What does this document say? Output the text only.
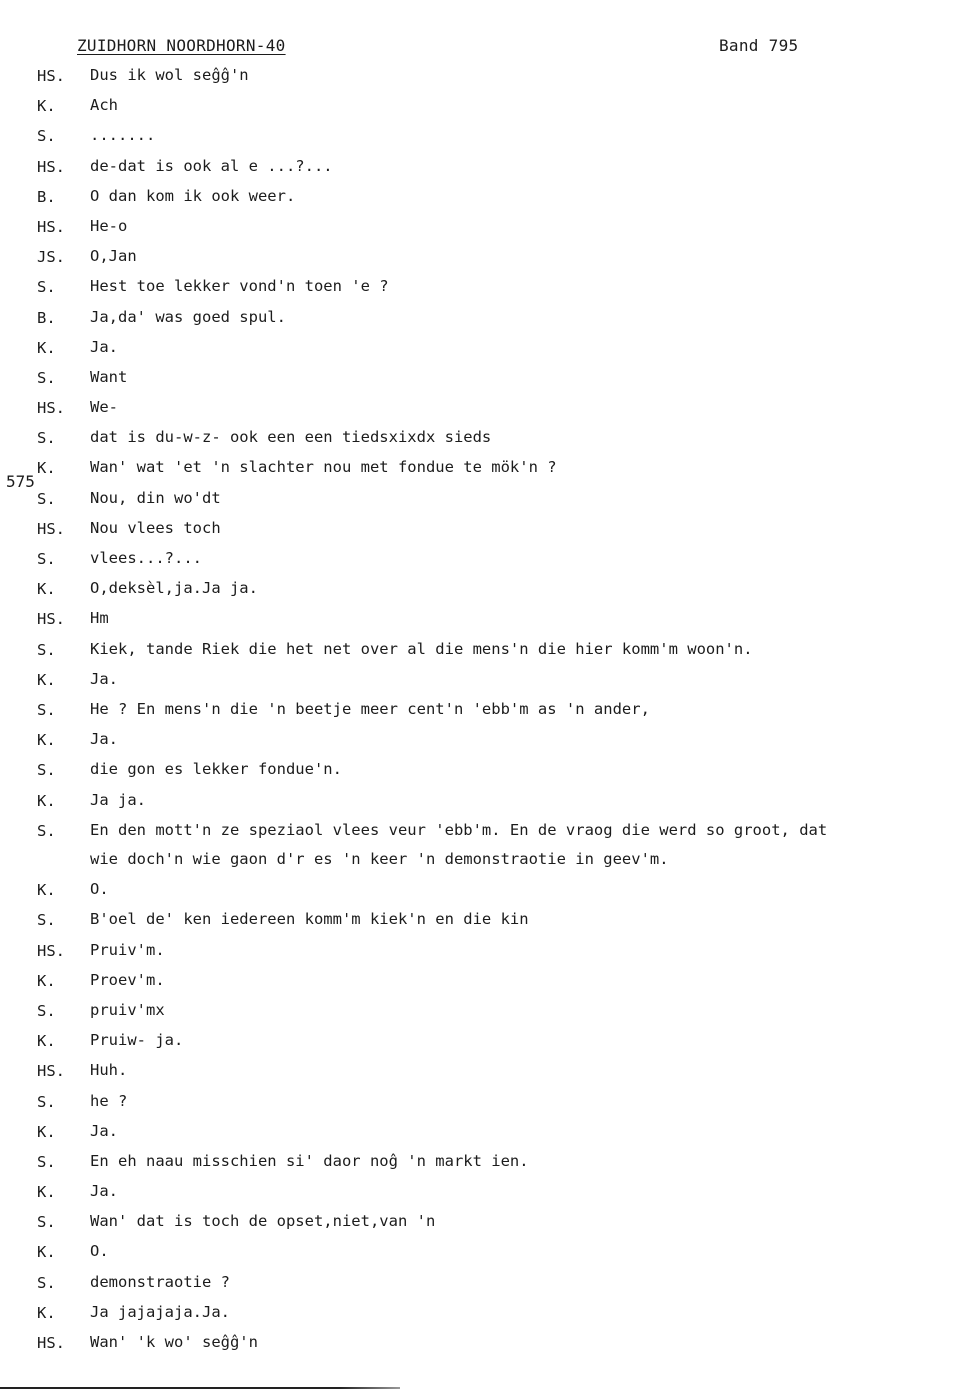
ZUIDHORN NOORDHORN-40	Band 795
575
HS.	Dus ik wol seĝĝ'n
K.	Ach
S.	.......
HS.	de-dat is ook al e ...?...
B.	O dan kom ik ook weer.
HS.	He-o
JS.	O,Jan
S.	Hest toe lekker vond'n toen 'e ?
B.	Ja,da' was goed spul.
K.	Ja.
S.	Want
HS.	We-
S.	dat is du-w-z- ook een een tiedsxixdx sieds
K.	Wan' wat 'et 'n slachter nou met fondue te mök'n ?
S.	Nou, din wo'dt
HS.	Nou vlees toch
S.	vlees...?...
K.	O,deksèl,ja.Ja ja.
HS.	Hm
S.	Kiek, tande Riek die het net over al die mens'n die hier komm'm woon'n.
K.	Ja.
S.	He ? En mens'n die 'n beetje meer cent'n 'ebb'm as 'n ander,
K.	Ja.
S.	die gon es lekker fondue'n.
K.	Ja ja.
S.	En den mott'n ze speziaol vlees veur 'ebb'm. En de vraog die werd so groot, dat
wie doch'n wie gaon d'r es 'n keer 'n demonstraotie in geev'm.
K.	O.
S.	B'oel de' ken iedereen komm'm kiek'n en die kin
HS.	Pruiv'm.
K.	Proev'm.
S.	pruiv'mx
K.	Pruiw- ja.
HS.	Huh.
S.	he ?
K.	Ja.
S.	En eh naau misschien si' daor noĝ 'n markt ien.
K.	Ja.
S.	Wan' dat is toch de opset,niet,van 'n
K.	O.
S.	demonstraotie ?
K.	Ja jajajaja.Ja.
HS.	Wan' 'k wo' seĝĝ'n
